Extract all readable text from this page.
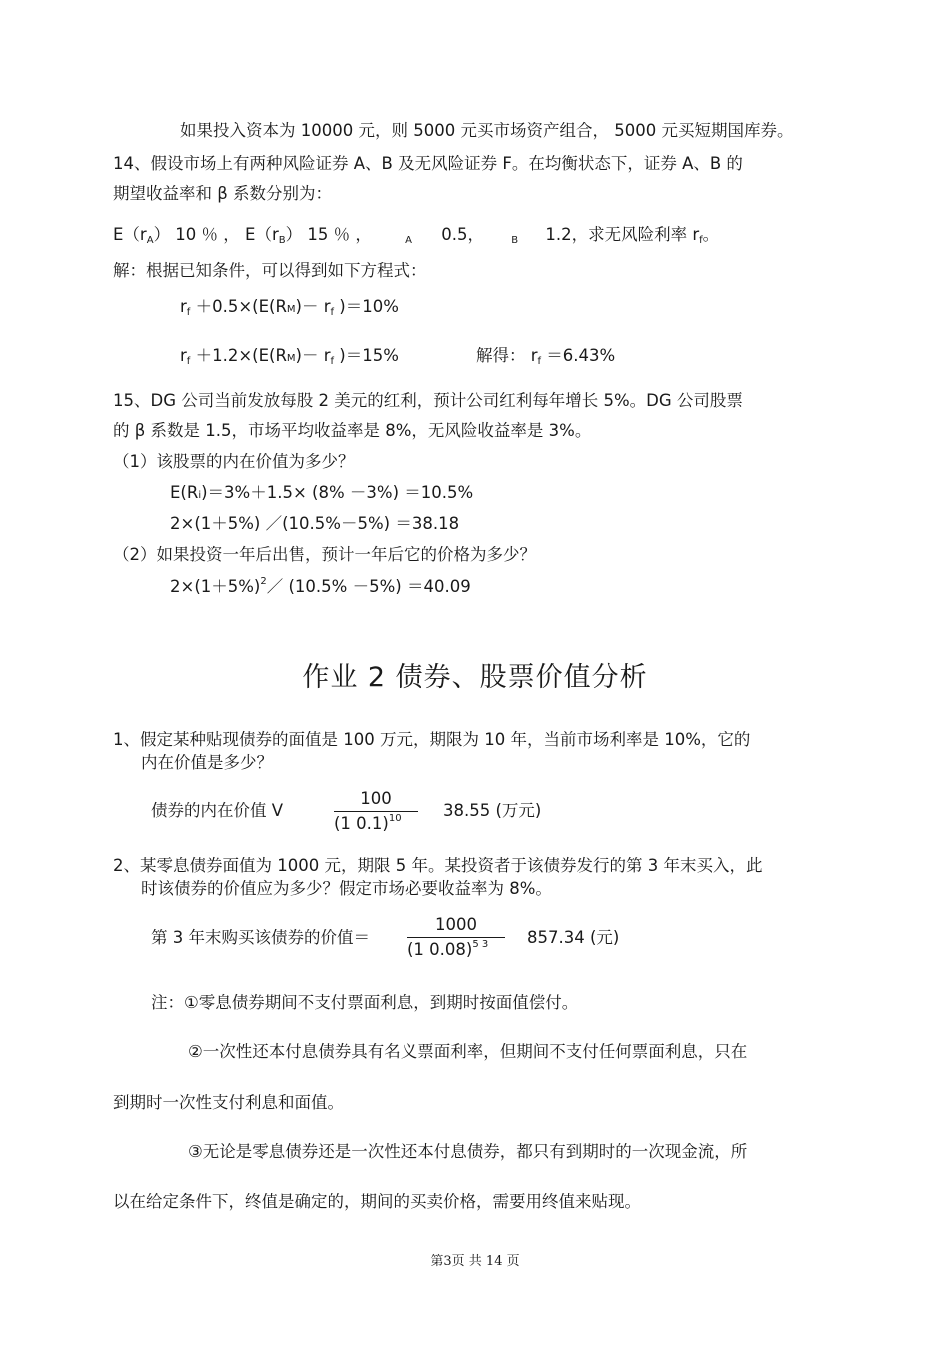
如果投入资本为 10000 元，则 5000 元买市场资产组合， 5000 元买短期国库券。
14、假设市场上有两种风险证券 A、B 及无风险证券 F。在均衡状态下，证券 A、B 的
期望收益率和 β 系数分别为：
E（rA） 10 ％ ， E（rB） 15 ％ ，	A 0.5，	B 1.2，求无风险利率 rf。
解：根据已知条件，可以得到如下方程式：
rf ＋0.5×(E(RM)－ rf )＝10%
rf ＋1.2×(E(RM)－ rf )＝15%	解得： rf ＝6.43%
15、DG 公司当前发放每股 2 美元的红利，预计公司红利每年增长 5%。DG 公司股票
的 β 系数是 1.5，市场平均收益率是 8%，无风险收益率是 3%。
（1）该股票的内在价值为多少？
E(Ri)＝3%＋1.5× (8% －3%) ＝10.5%
2×(1＋5%) ／(10.5%－5%) ＝38.18
（2）如果投资一年后出售，预计一年后它的价格为多少？
$2\times(1+5\%)^2/$ (10.5% －5%) ＝40.09
作业 2 债券、股票价值分析
1、假定某种贴现债券的面值是 100 万元，期限为 10 年，当前市场利率是 10%，它的
内在价值是多少？
债券的内在价值 V
100
(1 0.1)$^{10}$	38.55 (万元)
2、某零息债券面值为 1000 元，期限 5 年。某投资者于该债券发行的第 3 年末买入，此
时该债券的价值应为多少？假定市场必要收益率为 8%。
第 3 年末购买该债券的价值＝
1000
(1 0.08)$^{5 3}$	857.34 (元)
注：①零息债券期间不支付票面利息，到期时按面值偿付。
②一次性还本付息债券具有名义票面利率，但期间不支付任何票面利息，只在
到期时一次性支付利息和面值。
③无论是零息债券还是一次性还本付息债券，都只有到期时的一次现金流，所
以在给定条件下，终值是确定的，期间的买卖价格，需要用终值来贴现。
第3页 共 14 页
